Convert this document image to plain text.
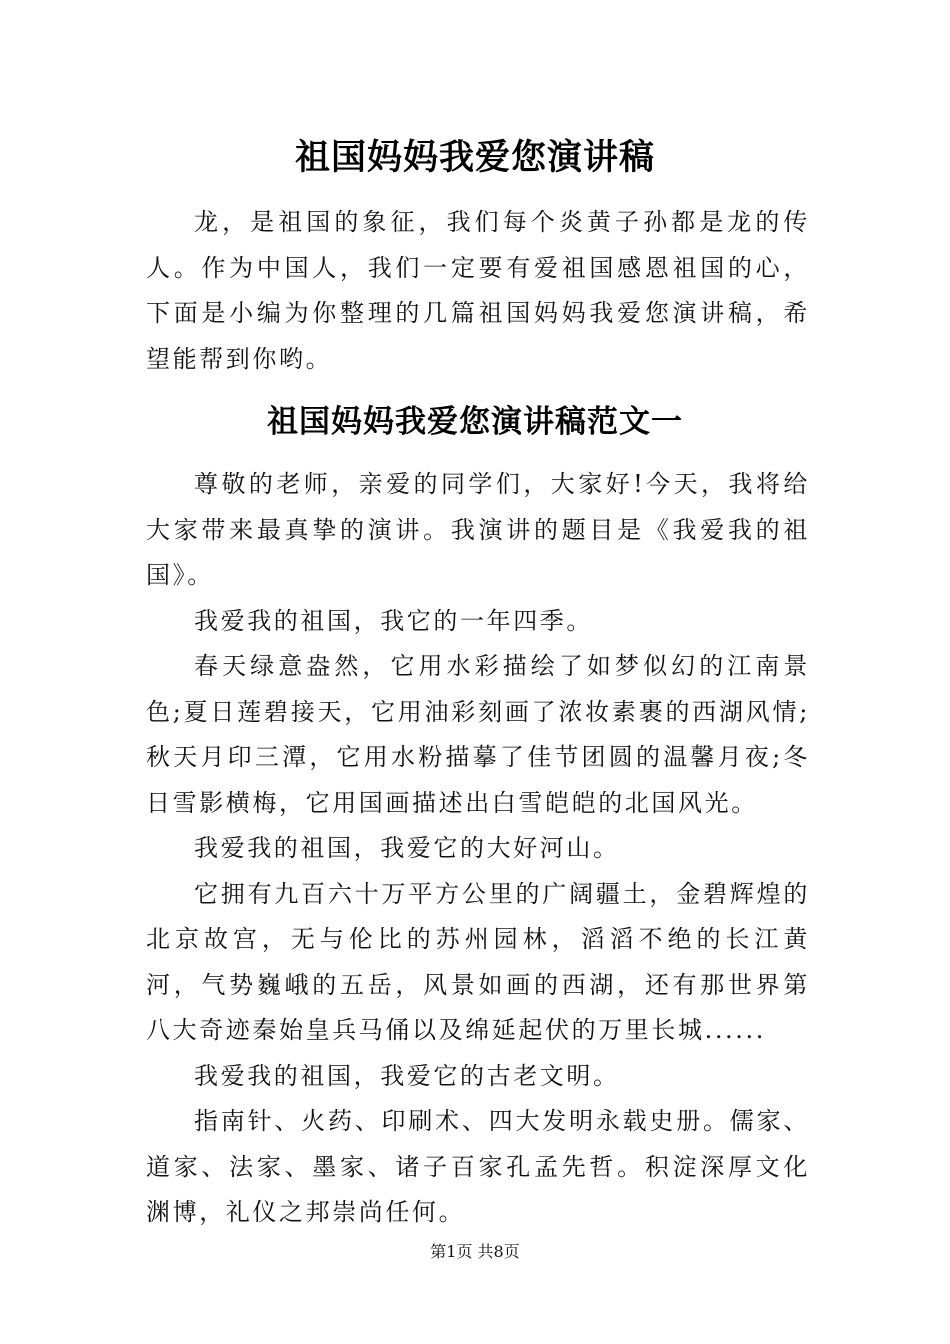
祖国妈妈我爱您演讲稿

龙，是祖国的象征，我们每个炎黄子孙都是龙的传人。作为中国人，我们一定要有爱祖国感恩祖国的心，下面是小编为你整理的几篇祖国妈妈我爱您演讲稿，希望能帮到你哟。

祖国妈妈我爱您演讲稿范文一

尊敬的老师，亲爱的同学们，大家好!今天，我将给大家带来最真挚的演讲。我演讲的题目是《我爱我的祖国》。

我爱我的祖国，我它的一年四季。

春天绿意盎然，它用水彩描绘了如梦似幻的江南景色;夏日莲碧接天，它用油彩刻画了浓妆素裹的西湖风情;秋天月印三潭，它用水粉描摹了佳节团圆的温馨月夜;冬日雪影横梅，它用国画描述出白雪皑皑的北国风光。

我爱我的祖国，我爱它的大好河山。

它拥有九百六十万平方公里的广阔疆土，金碧辉煌的北京故宫，无与伦比的苏州园林，滔滔不绝的长江黄河，气势巍峨的五岳，风景如画的西湖，还有那世界第八大奇迹秦始皇兵马俑以及绵延起伏的万里长城......

我爱我的祖国，我爱它的古老文明。

指南针、火药、印刷术、四大发明永载史册。儒家、道家、法家、墨家、诸子百家孔孟先哲。积淀深厚文化渊博，礼仪之邦崇尚任何。

第1页 共8页
